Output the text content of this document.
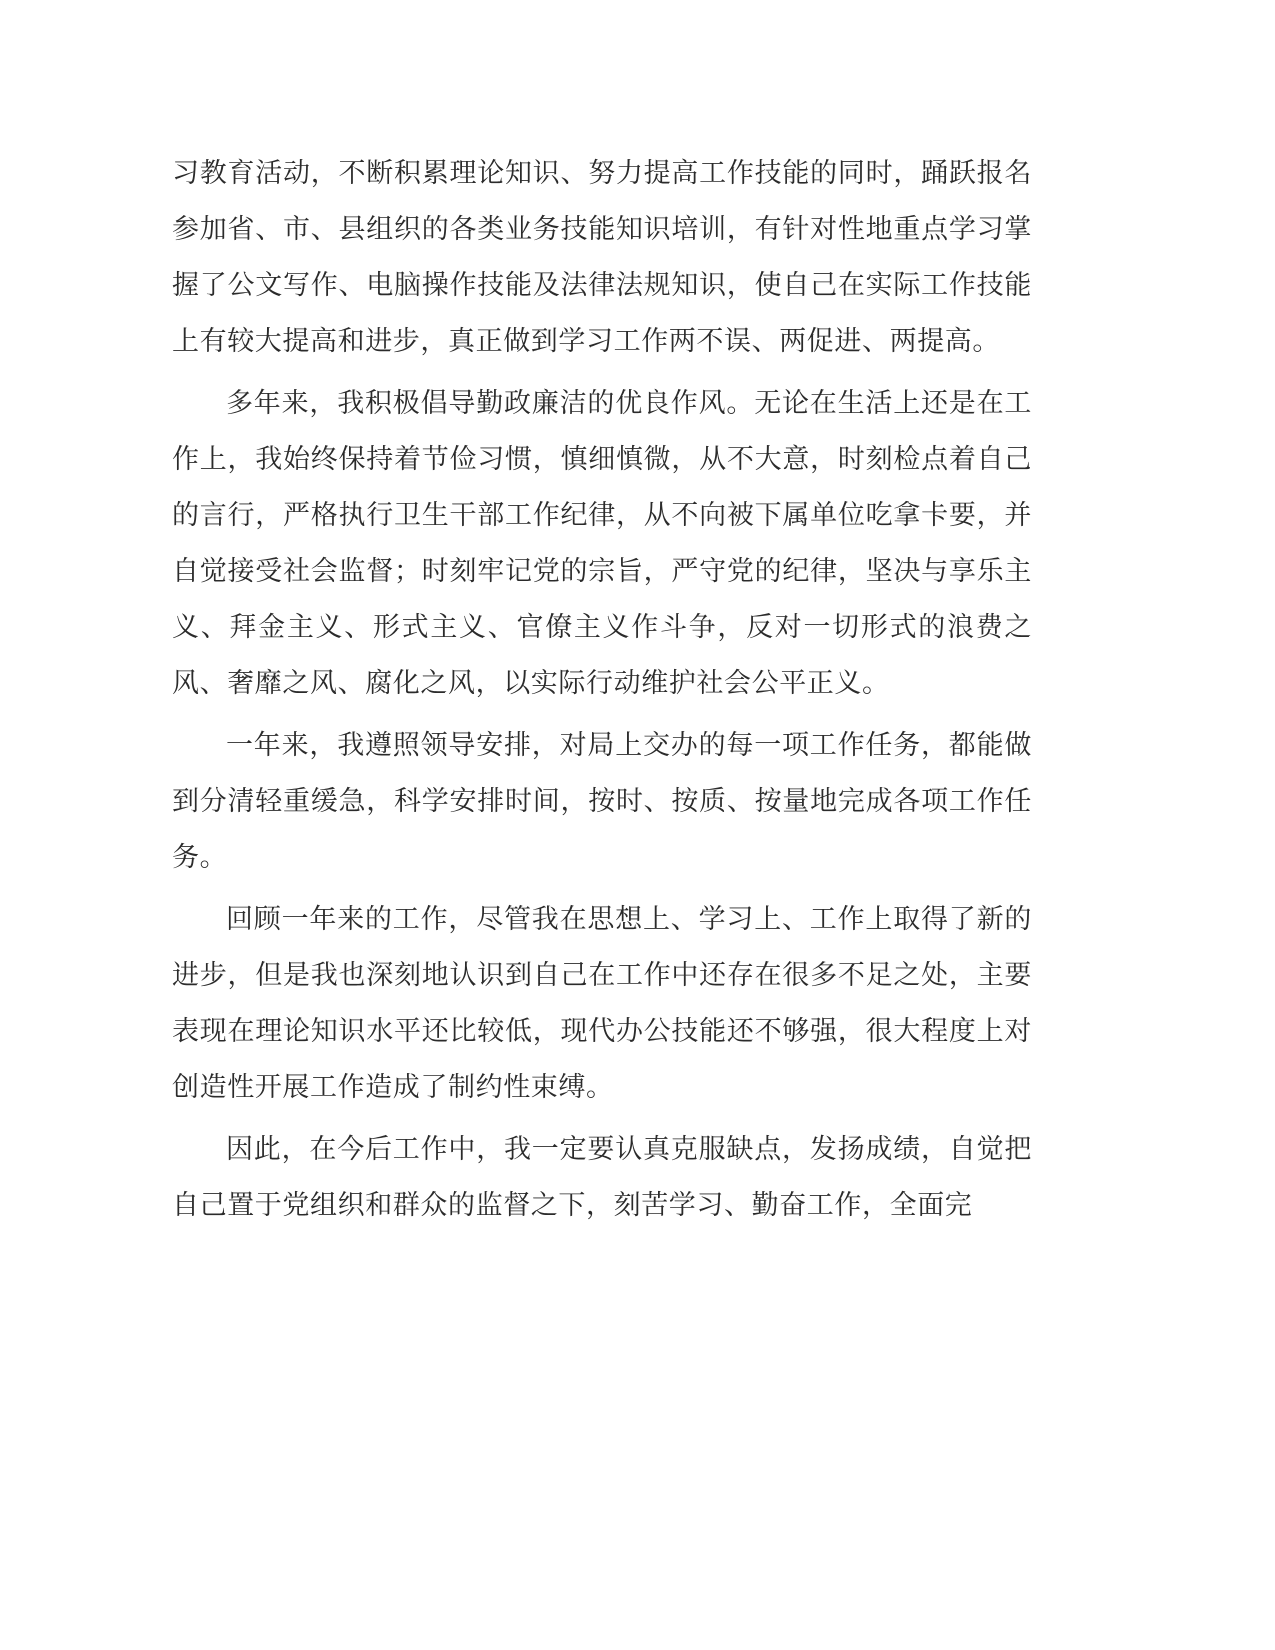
习教育活动，不断积累理论知识、努力提高工作技能的同时，踊跃报名参加省、市、县组织的各类业务技能知识培训，有针对性地重点学习掌握了公文写作、电脑操作技能及法律法规知识，使自己在实际工作技能上有较大提高和进步，真正做到学习工作两不误、两促进、两提高。

多年来，我积极倡导勤政廉洁的优良作风。无论在生活上还是在工作上，我始终保持着节俭习惯，慎细慎微，从不大意，时刻检点着自己的言行，严格执行卫生干部工作纪律，从不向被下属单位吃拿卡要，并自觉接受社会监督；时刻牢记党的宗旨，严守党的纪律，坚决与享乐主义、拜金主义、形式主义、官僚主义作斗争，反对一切形式的浪费之风、奢靡之风、腐化之风，以实际行动维护社会公平正义。

一年来，我遵照领导安排，对局上交办的每一项工作任务，都能做到分清轻重缓急，科学安排时间，按时、按质、按量地完成各项工作任务。

回顾一年来的工作，尽管我在思想上、学习上、工作上取得了新的进步，但是我也深刻地认识到自己在工作中还存在很多不足之处，主要表现在理论知识水平还比较低，现代办公技能还不够强，很大程度上对创造性开展工作造成了制约性束缚。

因此，在今后工作中，我一定要认真克服缺点，发扬成绩，自觉把自己置于党组织和群众的监督之下，刻苦学习、勤奋工作，全面完
